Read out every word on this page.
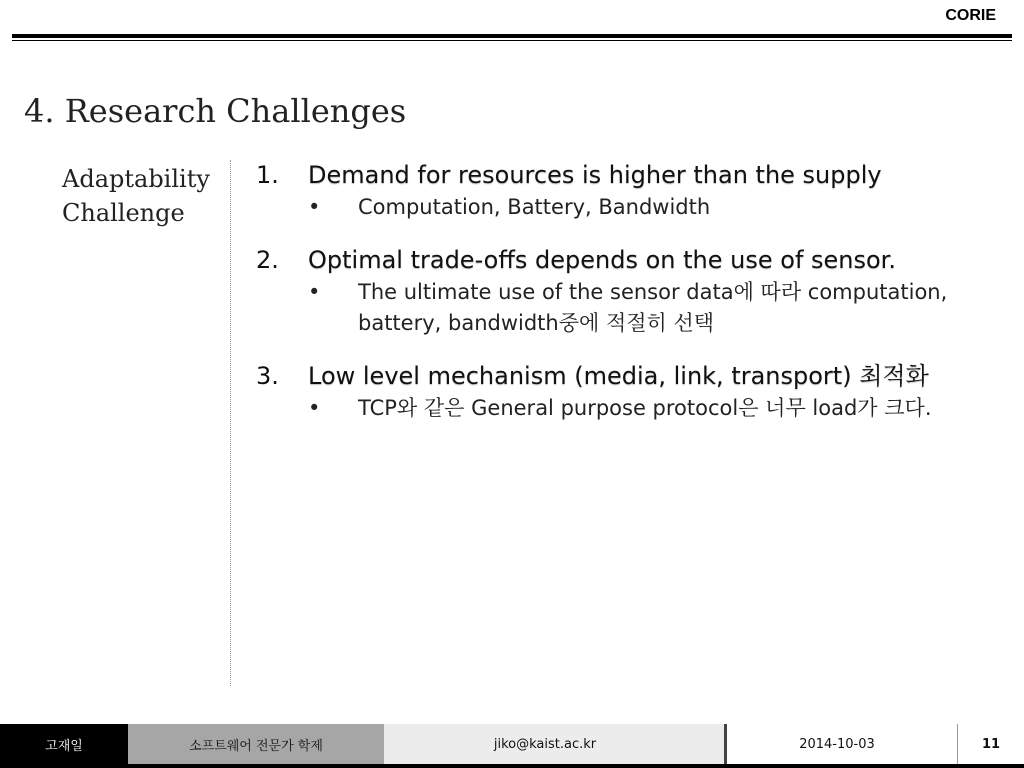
CORIE
4. Research Challenges
Adaptability
Challenge
1. Demand for resources is higher than the supply
• Computation, Battery, Bandwidth
2. Optimal trade-offs depends on the use of sensor.
• The ultimate use of the sensor data에 따라 computation, battery, bandwidth중에 적절히 선택
3. Low level mechanism (media, link, transport) 최적화
• TCP와 같은 General purpose protocol은 너무 load가 크다.
고재일	소프트웨어 전문가 학제	jiko@kaist.ac.kr	2014-10-03	11
